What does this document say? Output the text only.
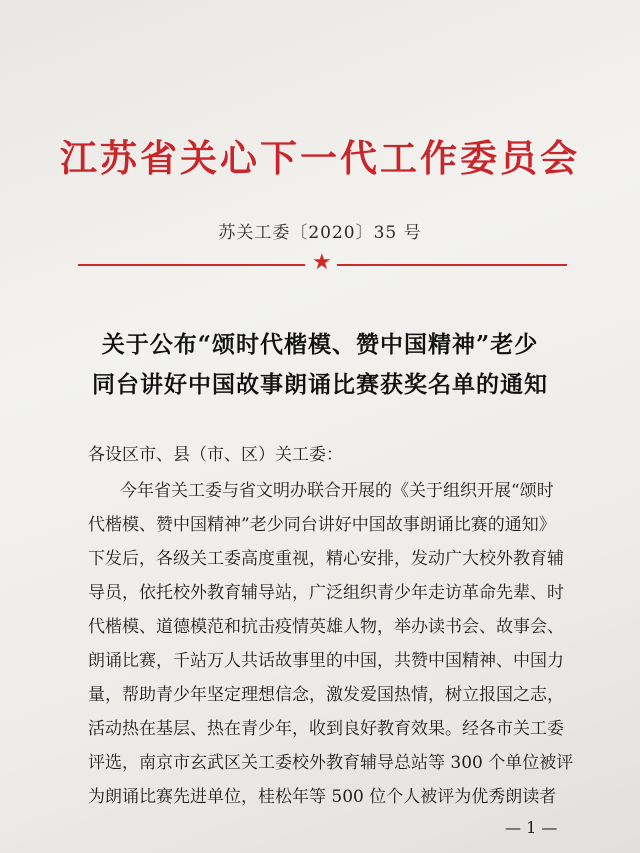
江苏省关心下一代工作委员会
苏关工委〔2020〕35 号
★
关于公布“颂时代楷模、赞中国精神”老少
同台讲好中国故事朗诵比赛获奖名单的通知
各设区市、县（市、区）关工委：
今年省关工委与省文明办联合开展的《关于组织开展“颂时
代楷模、赞中国精神”老少同台讲好中国故事朗诵比赛的通知》
下发后，各级关工委高度重视，精心安排，发动广大校外教育辅
导员，依托校外教育辅导站，广泛组织青少年走访革命先辈、时
代楷模、道德模范和抗击疫情英雄人物，举办读书会、故事会、
朗诵比赛，千站万人共话故事里的中国，共赞中国精神、中国力
量，帮助青少年坚定理想信念，激发爱国热情，树立报国之志，
活动热在基层、热在青少年，收到良好教育效果。经各市关工委
评选，南京市玄武区关工委校外教育辅导总站等 300 个单位被评
为朗诵比赛先进单位，桂松年等 500 位个人被评为优秀朗读者
— 1 —
